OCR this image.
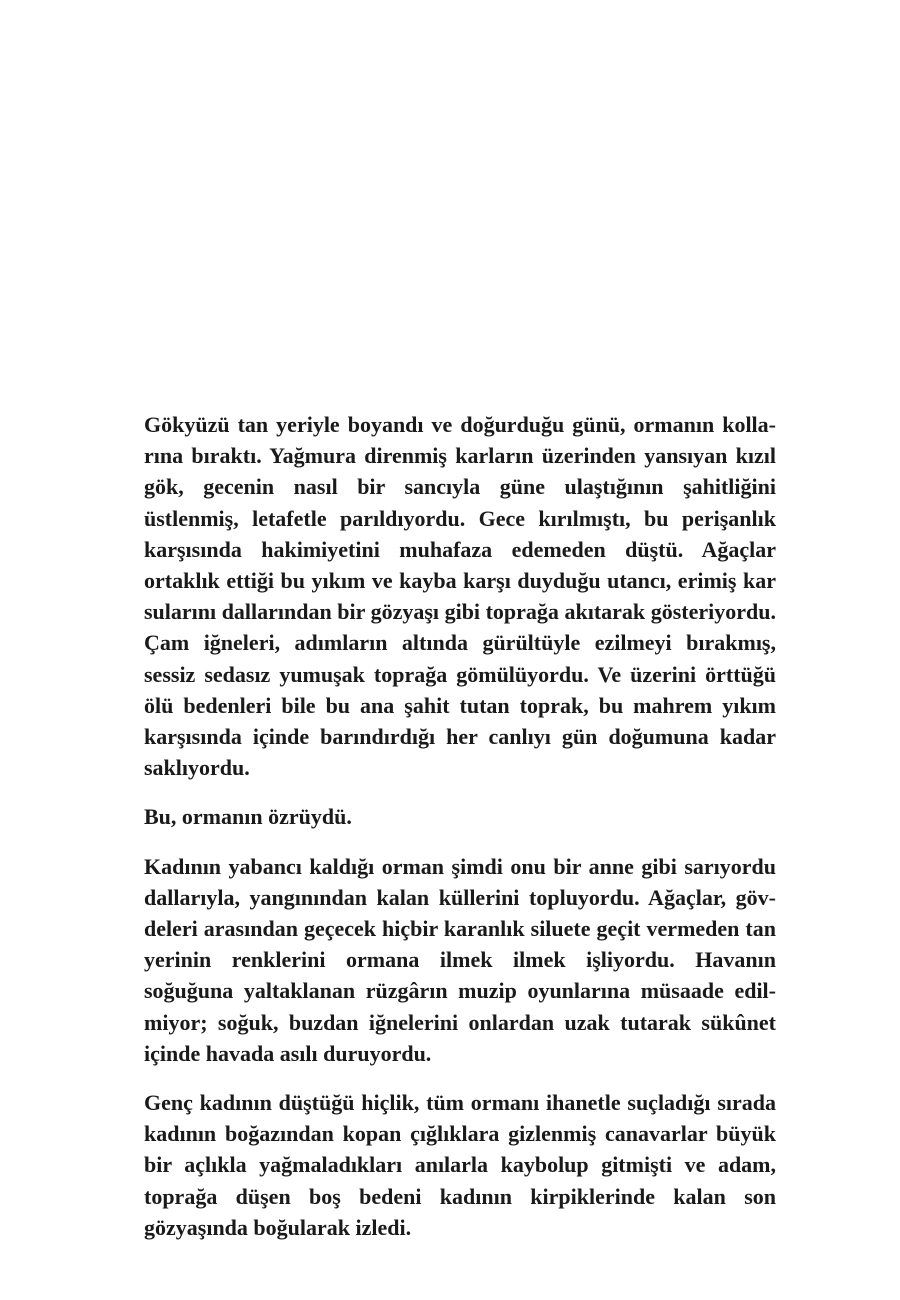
Gökyüzü tan yeriyle boyandı ve doğurduğu günü, ormanın kollarına bıraktı. Yağmura direnmiş karların üzerinden yansıyan kızıl gök, gecenin nasıl bir sancıyla güne ulaştığının şahitliğini üstlenmiş, letafetle parıldıyordu. Gece kırılmıştı, bu perişanlık karşısında hakimiyetini muhafaza edemeden düştü. Ağaçlar ortaklık ettiği bu yıkım ve kayba karşı duyduğu utancı, erimiş kar sularını dallarından bir gözyaşı gibi toprağa akıtarak gösteriyordu. Çam iğneleri, adımların altında gürültüyle ezilmeyi bırakmış, sessiz sedasız yumuşak toprağa gömülüyordu. Ve üzerini örttüğü ölü bedenleri bile bu ana şahit tutan toprak, bu mahrem yıkım karşısında içinde barındırdığı her canlıyı gün doğumuna kadar saklıyordu.

Bu, ormanın özrüydü.

Kadının yabancı kaldığı orman şimdi onu bir anne gibi sarıyordu dallarıyla, yangınından kalan küllerini topluyordu. Ağaçlar, gövdeleri arasından geçecek hiçbir karanlık siluete geçit vermeden tan yerinin renklerini ormana ilmek ilmek işliyordu. Havanın soğuğuna yaltaklanan rüzgârın muzip oyunlarına müsaade edilmiyor; soğuk, buzdan iğnelerini onlardan uzak tutarak sükûnet içinde havada asılı duruyordu.

Genç kadının düştüğü hiçlik, tüm ormanı ihanetle suçladığı sırada kadının boğazından kopan çığlıklara gizlenmiş canavarlar büyük bir açlıkla yağmaladıkları anılarla kaybolup gitmişti ve adam, toprağa düşen boş bedeni kadının kirpiklerinde kalan son gözyaşında boğularak izledi.
